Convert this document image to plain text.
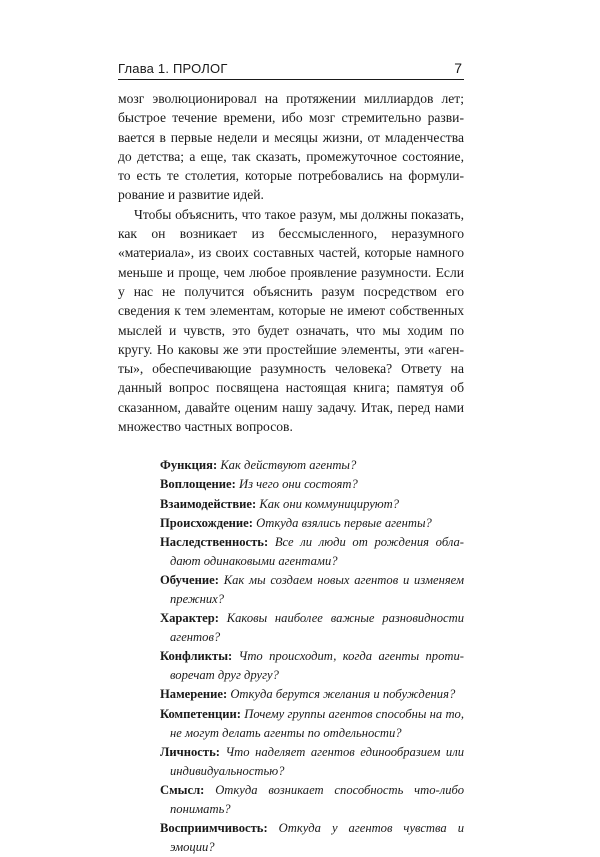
Глава 1. ПРОЛОГ	7

мозг эволюционировал на протяжении миллиардов лет; быстрое течение времени, ибо мозг стремительно развивается в первые недели и месяцы жизни, от младенчества до детства; а еще, так сказать, промежуточное состояние, то есть те столетия, которые потребовались на формулирование и развитие идей.

Чтобы объяснить, что такое разум, мы должны показать, как он возникает из бессмысленного, неразумного «материала», из своих составных частей, которые намного меньше и проще, чем любое проявление разумности. Если у нас не получится объяснить разум посредством его сведения к тем элементам, которые не имеют собственных мыслей и чувств, это будет означать, что мы ходим по кругу. Но каковы же эти простейшие элементы, эти «агенты», обеспечивающие разумность человека? Ответу на данный вопрос посвящена настоящая книга; памятуя об сказанном, давайте оценим нашу задачу. Итак, перед нами множество частных вопросов.

Функция: Как действуют агенты?
Воплощение: Из чего они состоят?
Взаимодействие: Как они коммуницируют?
Происхождение: Откуда взялись первые агенты?
Наследственность: Все ли люди от рождения обладают одинаковыми агентами?
Обучение: Как мы создаем новых агентов и изменяем прежних?
Характер: Каковы наиболее важные разновидности агентов?
Конфликты: Что происходит, когда агенты противоречат друг другу?
Намерение: Откуда берутся желания и побуждения?
Компетенции: Почему группы агентов способны на то, не могут делать агенты по отдельности?
Личность: Что наделяет агентов единообразием или индивидуальностью?
Смысл: Откуда возникает способность что-либо понимать?
Восприимчивость: Откуда у агентов чувства и эмоции?
